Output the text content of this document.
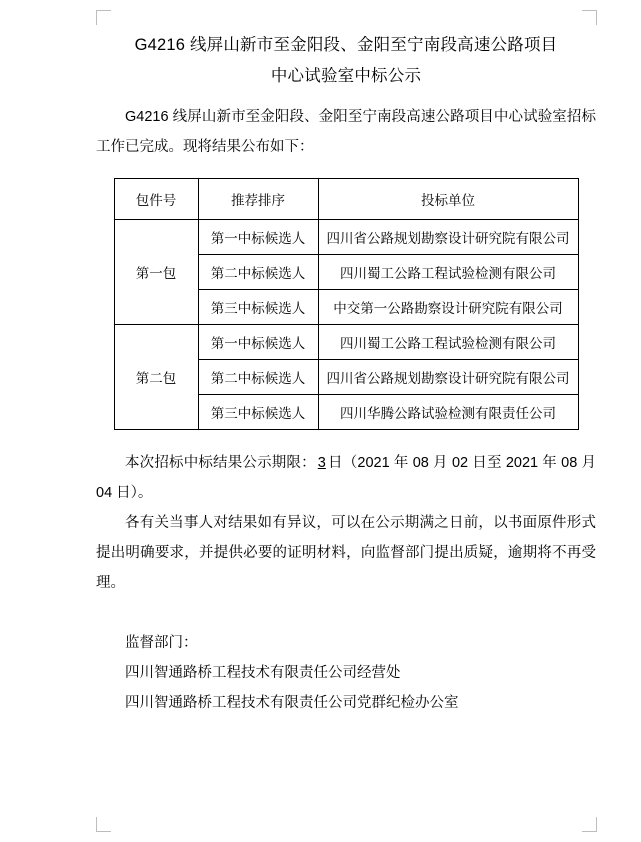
G4216 线屏山新市至金阳段、金阳至宁南段高速公路项目
中心试验室中标公示
G4216 线屏山新市至金阳段、金阳至宁南段高速公路项目中心试验室招标工作已完成。现将结果公布如下：
包件号	推荐排序	投标单位
第一包	第一中标候选人	四川省公路规划勘察设计研究院有限公司
	第二中标候选人	四川蜀工公路工程试验检测有限公司
	第三中标候选人	中交第一公路勘察设计研究院有限公司
第二包	第一中标候选人	四川蜀工公路工程试验检测有限公司
	第二中标候选人	四川省公路规划勘察设计研究院有限公司
	第三中标候选人	四川华腾公路试验检测有限责任公司
本次招标中标结果公示期限： 3 日（2021 年 08 月 02 日至 2021 年 08 月 04 日）。
各有关当事人对结果如有异议，可以在公示期满之日前，以书面原件形式提出明确要求，并提供必要的证明材料，向监督部门提出质疑，逾期将不再受理。
监督部门：
四川智通路桥工程技术有限责任公司经营处
四川智通路桥工程技术有限责任公司党群纪检办公室
